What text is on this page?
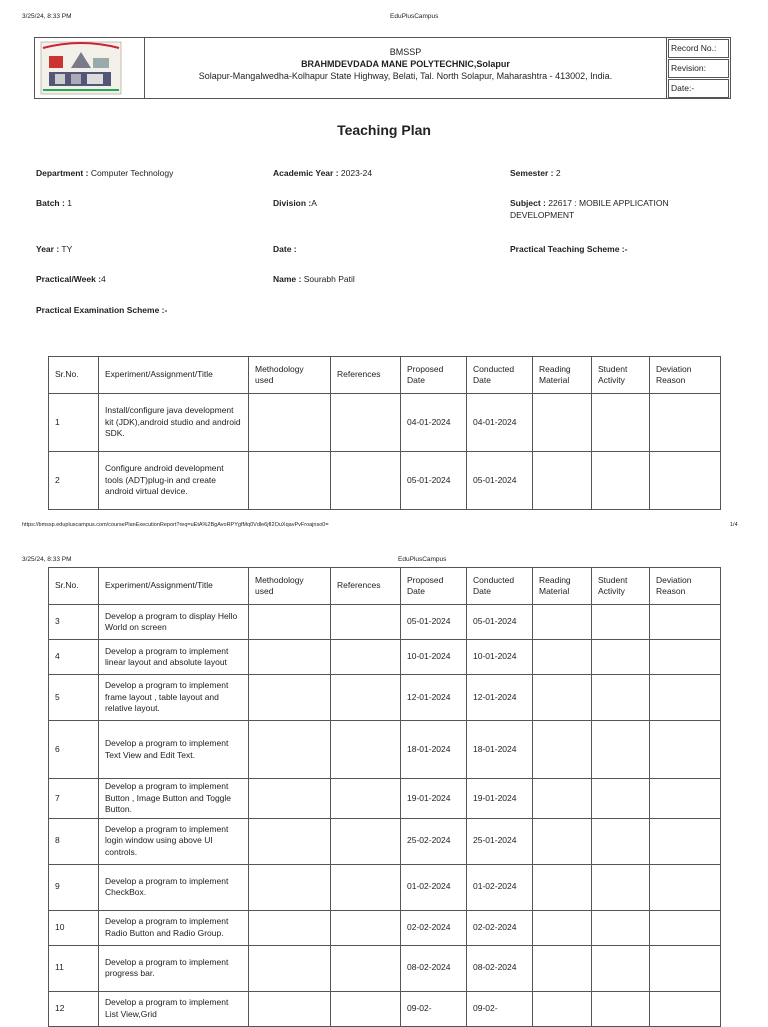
3/25/24, 8:33 PM	EduPlusCampus
BMSSP
BRAHMDEVDADA MANE POLYTECHNIC,Solapur
Solapur-Mangalwedha-Kolhapur State Highway, Belati, Tal. North Solapur, Maharashtra - 413002, India.
Record No.:
Revision:
Date:-
Teaching Plan
Department : Computer Technology	Academic Year : 2023-24	Semester : 2
Batch : 1	Division :A	Subject : 22617 : MOBILE APPLICATION DEVELOPMENT
Year : TY	Date :	Practical Teaching Scheme :-
Practical/Week :4	Name : Sourabh Patil
Practical Examination Scheme :-
Sr.No.	Experiment/Assignment/Title	Methodology used	References	Proposed Date	Conducted Date	Reading Material	Student Activity	Deviation Reason
1	Install/configure java development kit (JDK),android studio and android SDK.			04-01-2024	04-01-2024			
2	Configure android development tools (ADT)plug-in and create android virtual device.			05-01-2024	05-01-2024			
https://bmssp.edupluscampus.com/coursePlanExecutionReport?req=uEtA%2BgAvoRPYgfMq0Vdle6jfI2OuXqavPvFroajnso0=	1/4
3/25/24, 8:33 PM	EduPlusCampus
Sr.No.	Experiment/Assignment/Title	Methodology used	References	Proposed Date	Conducted Date	Reading Material	Student Activity	Deviation Reason
3	Develop a program to display Hello World on screen			05-01-2024	05-01-2024			
4	Develop a program to implement linear layout and absolute layout			10-01-2024	10-01-2024			
5	Develop a program to implement frame layout , table layout and relative layout.			12-01-2024	12-01-2024			
6	Develop a program to implement Text View and Edit Text.			18-01-2024	18-01-2024			
7	Develop a program to implement Button , Image Button and Toggle Button.			19-01-2024	19-01-2024			
8	Develop a program to implement login window using above UI controls.			25-02-2024	25-01-2024			
9	Develop a program to implement CheckBox.			01-02-2024	01-02-2024			
10	Develop a program to implement Radio Button and Radio Group.			02-02-2024	02-02-2024			
11	Develop a program to implement progress bar.			08-02-2024	08-02-2024			
12	Develop a program to implement List View,Grid			09-02-	09-02-			
